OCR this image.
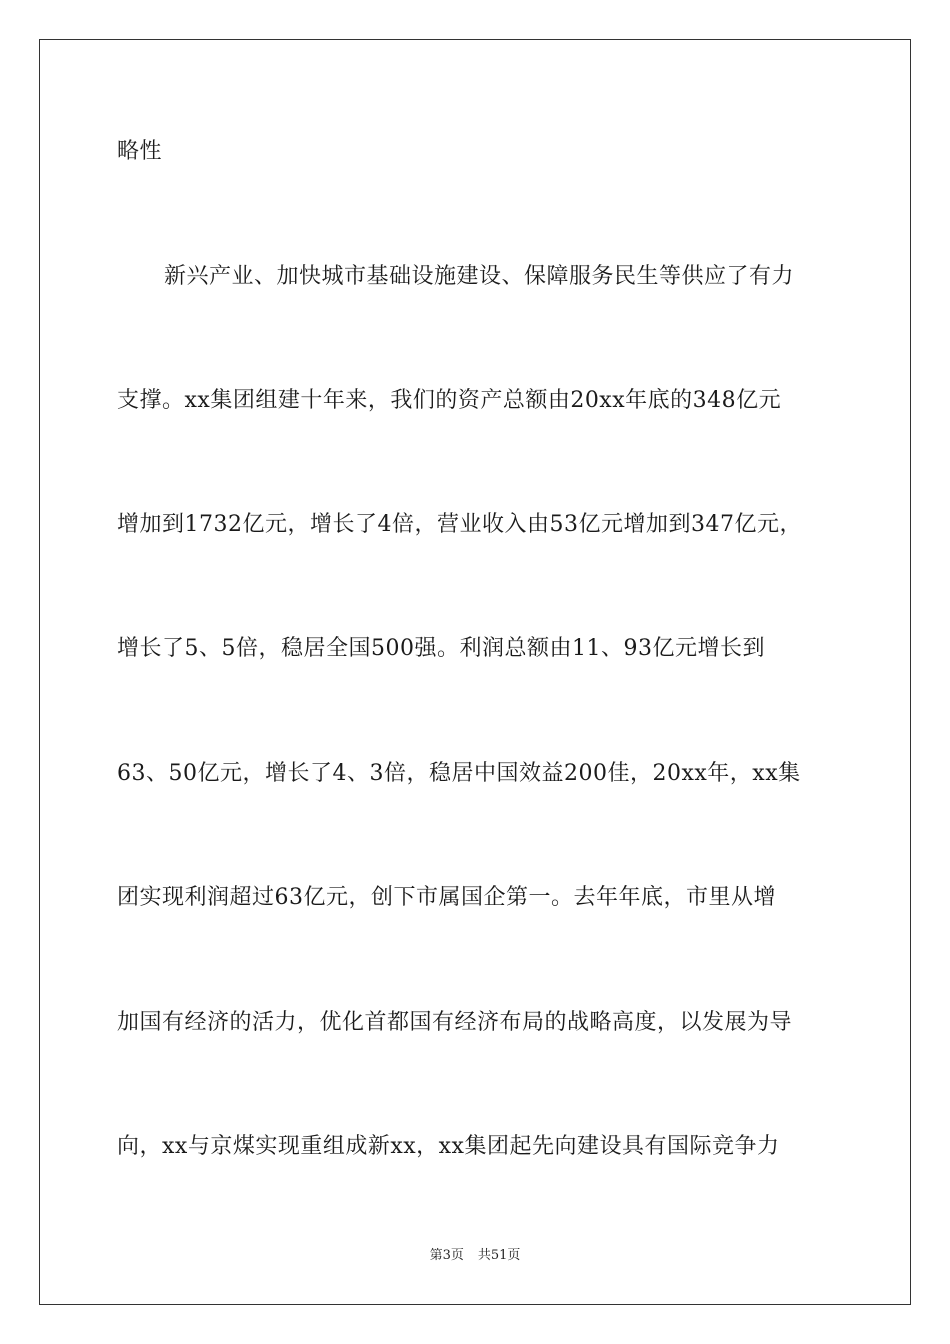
略性
新兴产业、加快城市基础设施建设、保障服务民生等供应了有力
支撑。xx集团组建十年来，我们的资产总额由20xx年底的348亿元
增加到1732亿元，增长了4倍，营业收入由53亿元增加到347亿元，
增长了5、5倍，稳居全国500强。利润总额由11、93亿元增长到
63、50亿元，增长了4、3倍，稳居中国效益200佳，20xx年，xx集
团实现利润超过63亿元，创下市属国企第一。去年年底，市里从增
加国有经济的活力，优化首都国有经济布局的战略高度，以发展为导
向，xx与京煤实现重组成新xx，xx集团起先向建设具有国际竞争力
第3页 共51页
